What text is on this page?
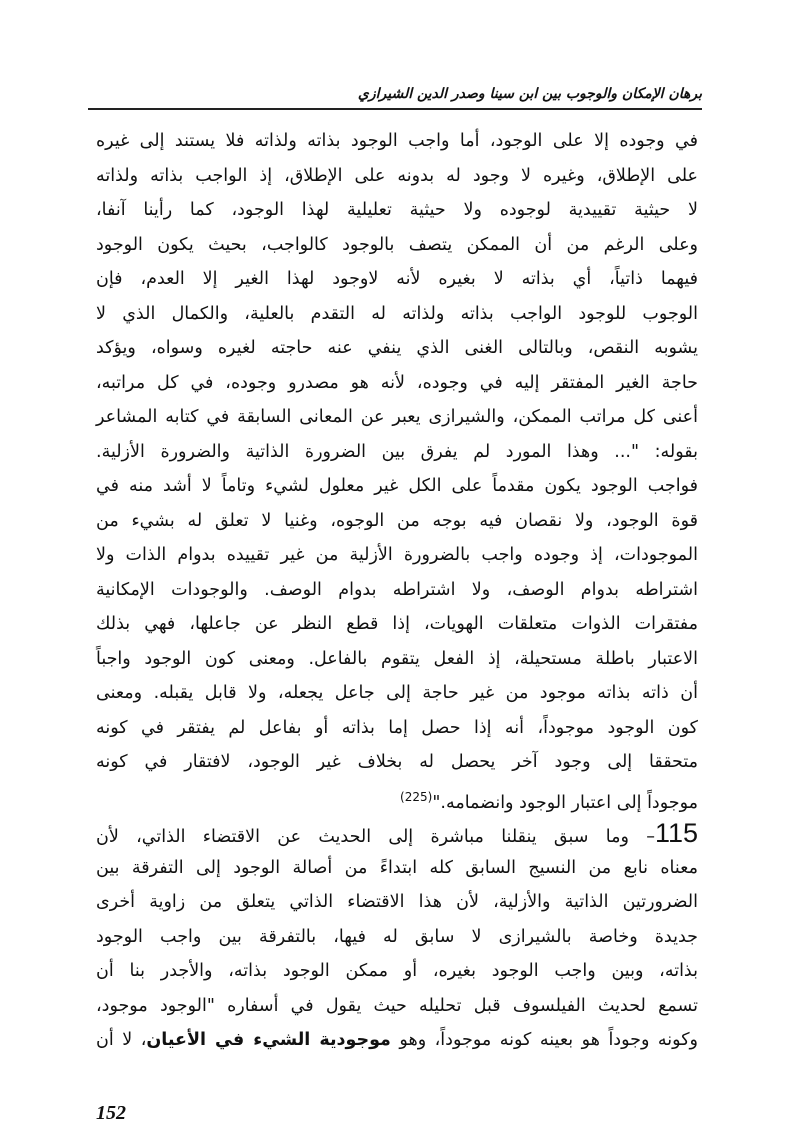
برهان الإمكان والوجوب بين ابن سينا وصدر الدين الشيرازي
في وجوده إلا على الوجود، أما واجب الوجود بذاته ولذاته فلا يستند إلى غيره
على الإطلاق، وغيره لا وجود له بدونه على الإطلاق، إذ الواجب بذاته ولذاته
لا حيثية تقييدية لوجوده ولا حيثية تعليلية لهذا الوجود، كما رأينا آنفا،
وعلى الرغم من أن الممكن يتصف بالوجود كالواجب، بحيث يكون الوجود
فيهما ذاتياً، أي بذاته لا بغيره لأنه لاوجود لهذا الغير إلا العدم، فإن
الوجوب للوجود الواجب بذاته ولذاته له التقدم بالعلية، والكمال الذي لا
يشوبه النقص، وبالتالى الغنى الذي ينفي عنه حاجته لغيره وسواه، ويؤكد
حاجة الغير المفتقر إليه في وجوده، لأنه هو مصدرو وجوده، في كل مراتبه،
أعنى كل مراتب الممكن، والشيرازى يعبر عن المعانى السابقة في كتابه المشاعر
بقوله: "... وهذا المورد لم يفرق بين الضرورة الذاتية والضرورة الأزلية.
فواجب الوجود يكون مقدماً على الكل غير معلول لشيء وتاماً لا أشد منه في
قوة الوجود، ولا نقصان فيه بوجه من الوجوه، وغنيا لا تعلق له بشيء من
الموجودات، إذ وجوده واجب بالضرورة الأزلية من غير تقييده بدوام الذات ولا
اشتراطه بدوام الوصف، ولا اشتراطه بدوام الوصف. والوجودات الإمكانية
مفتقرات الذوات متعلقات الهويات، إذا قطع النظر عن جاعلها، فهي بذلك
الاعتبار باطلة مستحيلة، إذ الفعل يتقوم بالفاعل. ومعنى كون الوجود واجباً
أن ذاته بذاته موجود من غير حاجة إلى جاعل يجعله، ولا قابل يقبله. ومعنى
كون الوجود موجوداً، أنه إذا حصل إما بذاته أو بفاعل لم يفتقر في كونه
متحققا إلى وجود آخر يحصل له بخلاف غير الوجود، لافتقار في كونه
موجوداً إلى اعتبار الوجود وانضمامه."$^{(225)}$
115– وما سبق ينقلنا مباشرة إلى الحديث عن الاقتضاء الذاتي، لأن
معناه نابع من النسيج السابق كله ابتداءً من أصالة الوجود إلى التفرقة بين
الضرورتين الذاتية والأزلية، لأن هذا الاقتضاء الذاتي يتعلق من زاوية أخرى
جديدة وخاصة بالشيرازى لا سابق له فيها، بالتفرقة بين واجب الوجود
بذاته، وبين واجب الوجود بغيره، أو ممكن الوجود بذاته، والأجدر بنا أن
تسمع لحديث الفيلسوف قبل تحليله حيث يقول في أسفاره "الوجود موجود،
وكونه وجوداً هو بعينه كونه موجوداً، وهو موجودية الشيء في الأعيان، لا أن
152
